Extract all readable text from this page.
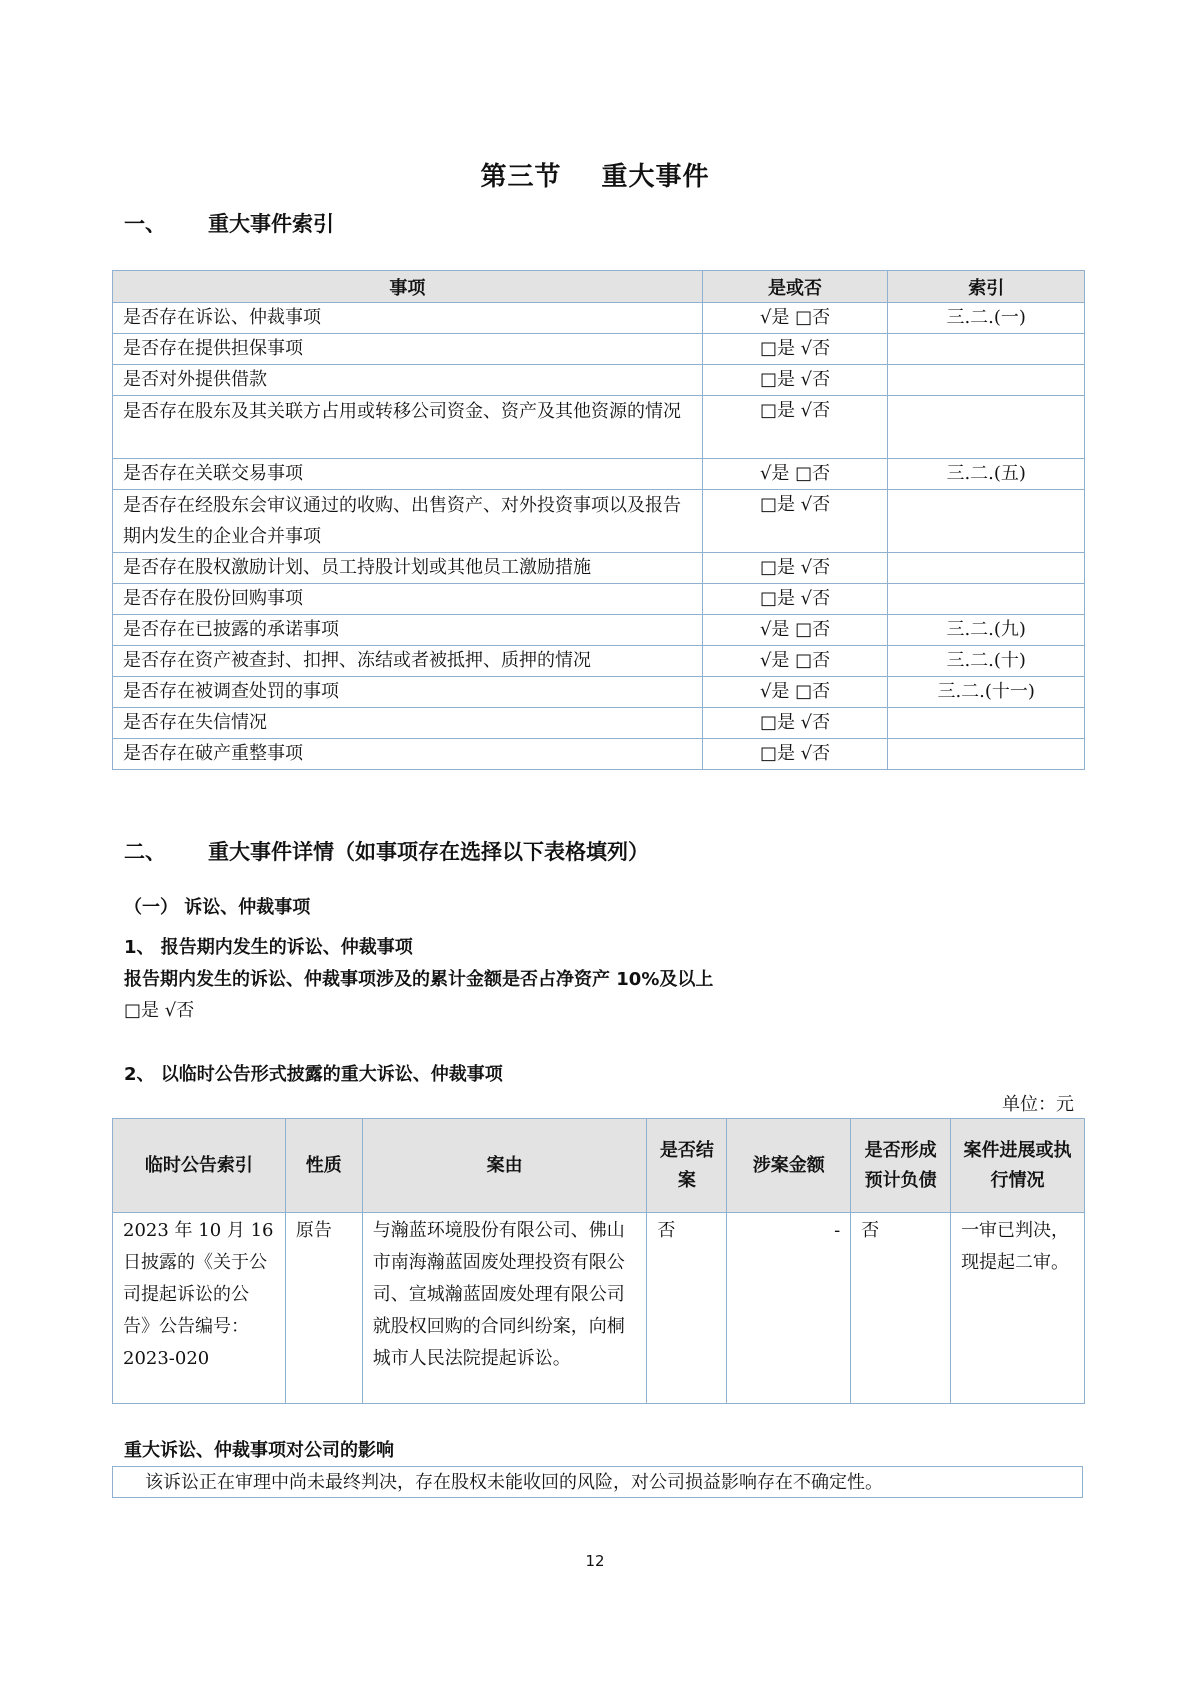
第三节 重大事件
一、 重大事件索引
事项	是或否	索引
是否存在诉讼、仲裁事项	√是 □否	三.二.(一)
是否存在提供担保事项	□是 √否	
是否对外提供借款	□是 √否	
是否存在股东及其关联方占用或转移公司资金、资产及其他资源的情况	□是 √否	
是否存在关联交易事项	√是 □否	三.二.(五)
是否存在经股东会审议通过的收购、出售资产、对外投资事项以及报告期内发生的企业合并事项	□是 √否	
是否存在股权激励计划、员工持股计划或其他员工激励措施	□是 √否	
是否存在股份回购事项	□是 √否	
是否存在已披露的承诺事项	√是 □否	三.二.(九)
是否存在资产被查封、扣押、冻结或者被抵押、质押的情况	√是 □否	三.二.(十)
是否存在被调查处罚的事项	√是 □否	三.二.(十一)
是否存在失信情况	□是 √否	
是否存在破产重整事项	□是 √否	
二、 重大事件详情（如事项存在选择以下表格填列）
（一） 诉讼、仲裁事项
1、 报告期内发生的诉讼、仲裁事项
报告期内发生的诉讼、仲裁事项涉及的累计金额是否占净资产 10%及以上
□是 √否
2、 以临时公告形式披露的重大诉讼、仲裁事项
单位：元
临时公告索引	性质	案由	是否结案	涉案金额	是否形成预计负债	案件进展或执行情况
2023 年 10 月 16 日披露的《关于公司提起诉讼的公告》公告编号：2023-020	原告	与瀚蓝环境股份有限公司、佛山市南海瀚蓝固废处理投资有限公司、宣城瀚蓝固废处理有限公司就股权回购的合同纠纷案，向桐城市人民法院提起诉讼。	否	-	否	一审已判决，现提起二审。
重大诉讼、仲裁事项对公司的影响
该诉讼正在审理中尚未最终判决，存在股权未能收回的风险，对公司损益影响存在不确定性。
12
